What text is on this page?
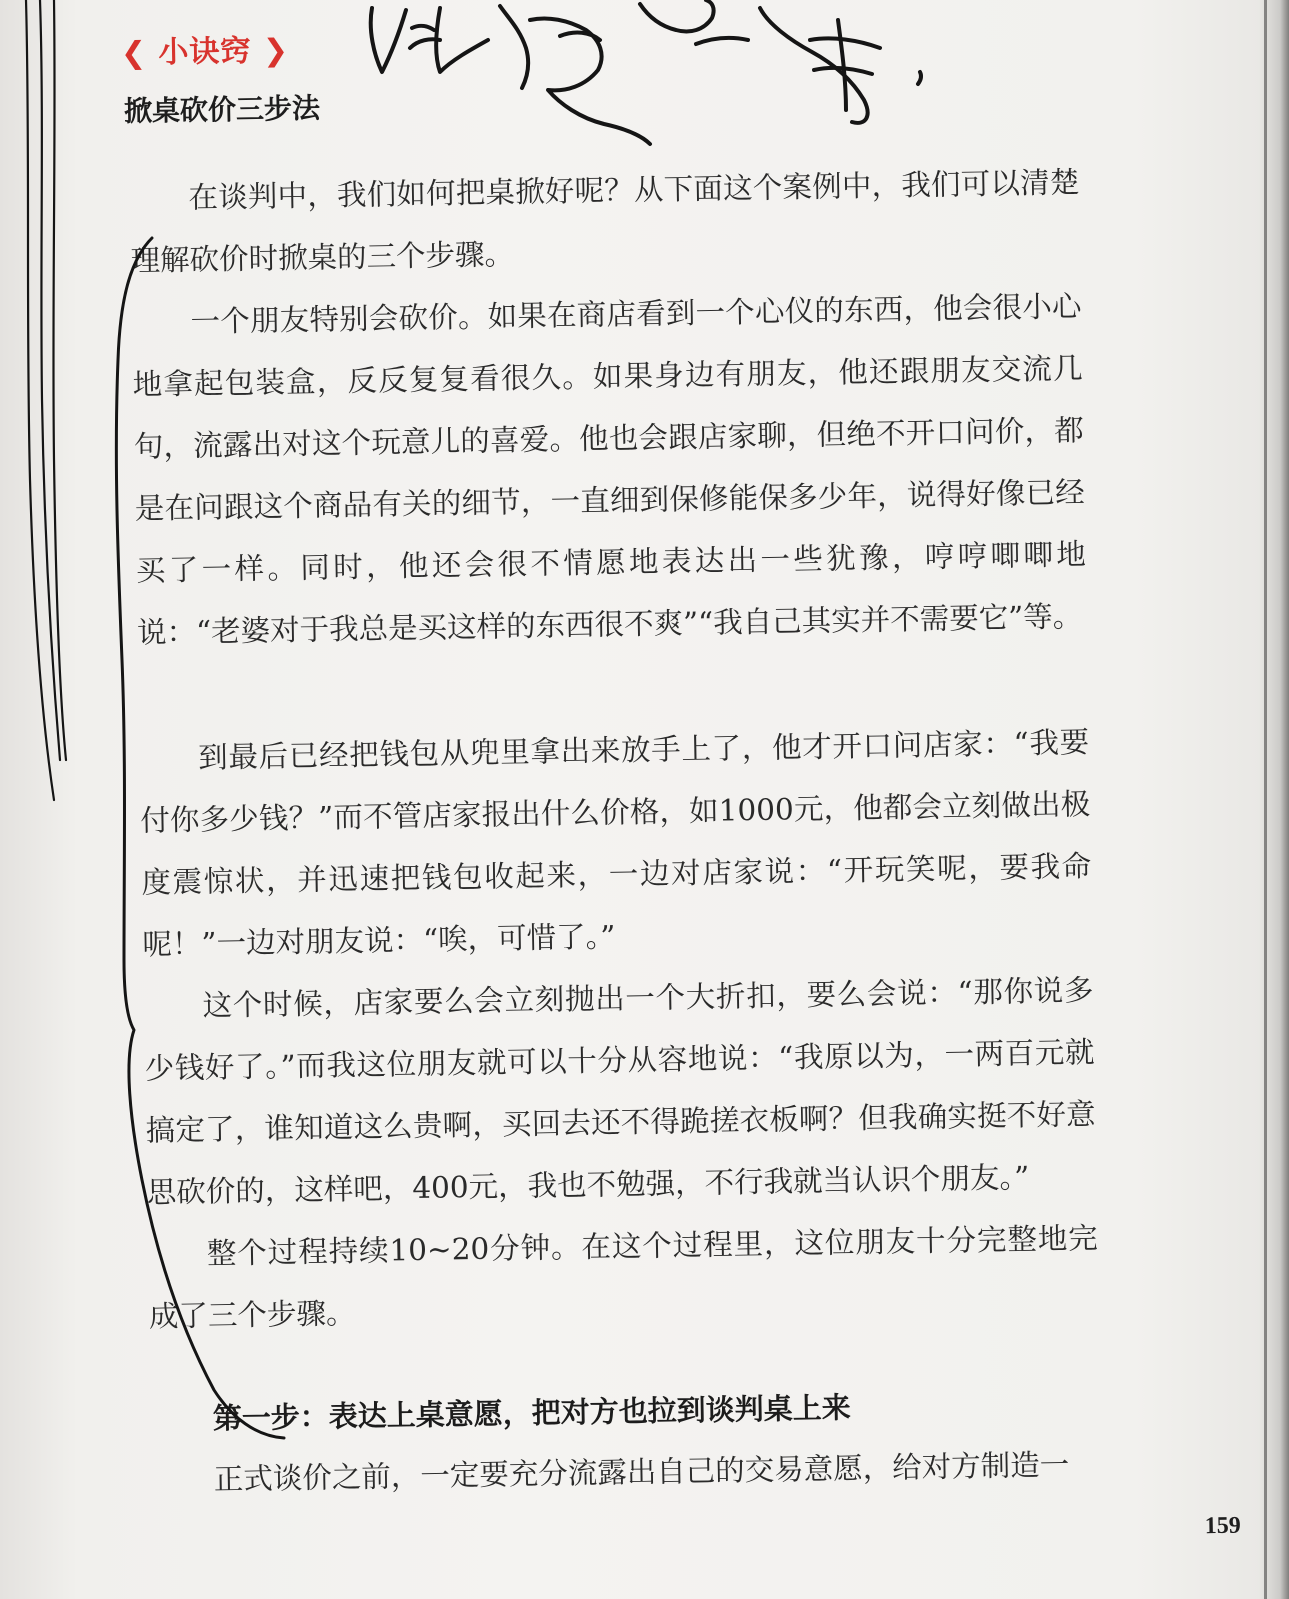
❮ 小诀窍 ❯
掀桌砍价三步法

在谈判中，我们如何把桌掀好呢？从下面这个案例中，我们可以清楚理解砍价时掀桌的三个步骤。

一个朋友特别会砍价。如果在商店看到一个心仪的东西，他会很小心地拿起包装盒，反反复复看很久。如果身边有朋友，他还跟朋友交流几句，流露出对这个玩意儿的喜爱。他也会跟店家聊，但绝不开口问价，都是在问跟这个商品有关的细节，一直细到保修能保多少年，说得好像已经买了一样。同时，他还会很不情愿地表达出一些犹豫，哼哼唧唧地说：“老婆对于我总是买这样的东西很不爽”“我自己其实并不需要它”等。

到最后已经把钱包从兜里拿出来放手上了，他才开口问店家：“我要付你多少钱？”而不管店家报出什么价格，如1000元，他都会立刻做出极度震惊状，并迅速把钱包收起来，一边对店家说：“开玩笑呢，要我命呢！”一边对朋友说：“唉，可惜了。”

这个时候，店家要么会立刻抛出一个大折扣，要么会说：“那你说多少钱好了。”而我这位朋友就可以十分从容地说：“我原以为，一两百元就搞定了，谁知道这么贵啊，买回去还不得跪搓衣板啊？但我确实挺不好意思砍价的，这样吧，400元，我也不勉强，不行我就当认识个朋友。”

整个过程持续10~20分钟。在这个过程里，这位朋友十分完整地完成了三个步骤。

第一步：表达上桌意愿，把对方也拉到谈判桌上来
正式谈价之前，一定要充分流露出自己的交易意愿，给对方制造一
159
